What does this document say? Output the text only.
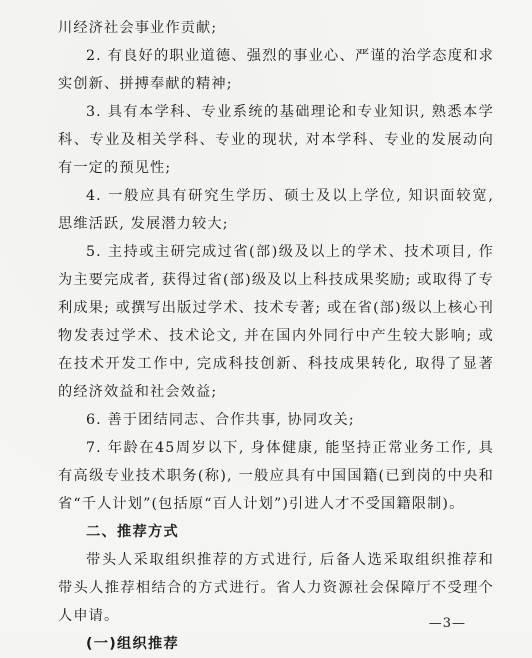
川经济社会事业作贡献;

2. 有良好的职业道德、强烈的事业心、严谨的治学态度和求实创新、拼搏奉献的精神;

3. 具有本学科、专业系统的基础理论和专业知识, 熟悉本学科、专业及相关学科、专业的现状, 对本学科、专业的发展动向有一定的预见性;

4. 一般应具有研究生学历、硕士及以上学位, 知识面较宽, 思维活跃, 发展潜力较大;

5. 主持或主研完成过省(部)级及以上的学术、技术项目, 作为主要完成者, 获得过省(部)级及以上科技成果奖励; 或取得了专利成果; 或撰写出版过学术、技术专著; 或在省(部)级以上核心刊物发表过学术、技术论文, 并在国内外同行中产生较大影响; 或在技术开发工作中, 完成科技创新、科技成果转化, 取得了显著的经济效益和社会效益;

6. 善于团结同志、合作共事, 协同攻关;

7. 年龄在45周岁以下, 身体健康, 能坚持正常业务工作, 具有高级专业技术职务(称), 一般应具有中国国籍(已到岗的中央和省“千人计划”(包括原“百人计划”)引进人才不受国籍限制)。

二、推荐方式

带头人采取组织推荐的方式进行, 后备人选采取组织推荐和带头人推荐相结合的方式进行。省人力资源社会保障厅不受理个人申请。

(一)组织推荐

—3—
